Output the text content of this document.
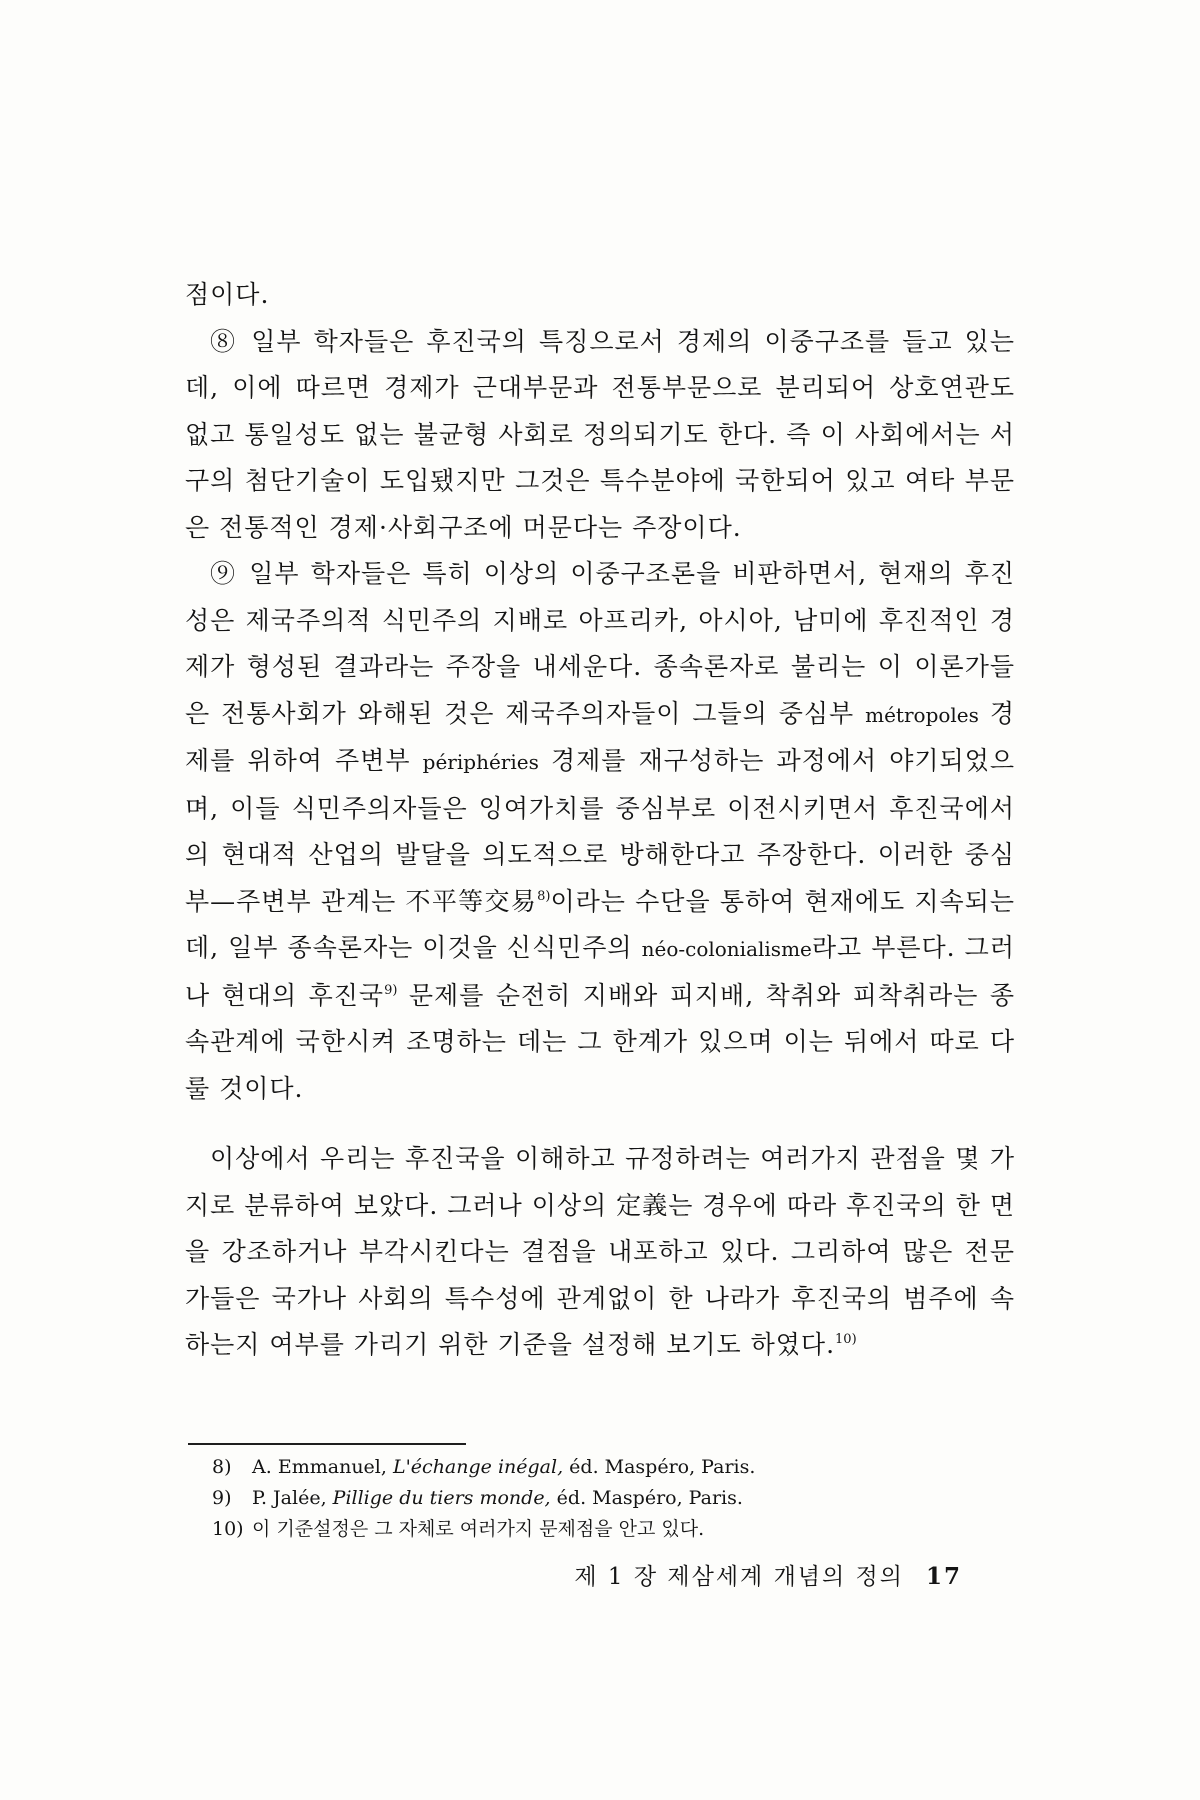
점이다.

⑧ 일부 학자들은 후진국의 특징으로서 경제의 이중구조를 들고 있는데, 이에 따르면 경제가 근대부문과 전통부문으로 분리되어 상호연관도 없고 통일성도 없는 불균형 사회로 정의되기도 한다. 즉 이 사회에서는 서구의 첨단기술이 도입됐지만 그것은 특수분야에 국한되어 있고 여타 부문은 전통적인 경제·사회구조에 머문다는 주장이다.

⑨ 일부 학자들은 특히 이상의 이중구조론을 비판하면서, 현재의 후진성은 제국주의적 식민주의 지배로 아프리카, 아시아, 남미에 후진적인 경제가 형성된 결과라는 주장을 내세운다. 종속론자로 불리는 이 이론가들은 전통사회가 와해된 것은 제국주의자들이 그들의 중심부 métropoles 경제를 위하여 주변부 périphéries 경제를 재구성하는 과정에서 야기되었으며, 이들 식민주의자들은 잉여가치를 중심부로 이전시키면서 후진국에서의 현대적 산업의 발달을 의도적으로 방해한다고 주장한다. 이러한 중심부—주변부 관계는 不平等交易$^{8)}$이라는 수단을 통하여 현재에도 지속되는데, 일부 종속론자는 이것을 신식민주의 néo-colonialisme라고 부른다. 그러나 현대의 후진국$^{9)}$ 문제를 순전히 지배와 피지배, 착취와 피착취라는 종속관계에 국한시켜 조명하는 데는 그 한계가 있으며 이는 뒤에서 따로 다룰 것이다.

이상에서 우리는 후진국을 이해하고 규정하려는 여러가지 관점을 몇 가지로 분류하여 보았다. 그러나 이상의 定義는 경우에 따라 후진국의 한 면을 강조하거나 부각시킨다는 결점을 내포하고 있다. 그리하여 많은 전문가들은 국가나 사회의 특수성에 관계없이 한 나라가 후진국의 범주에 속하는지 여부를 가리기 위한 기준을 설정해 보기도 하였다.$^{10)}$

8) A. Emmanuel, L'échange inégal, éd. Maspéro, Paris.
9) P. Jalée, Pillige du tiers monde, éd. Maspéro, Paris.
10) 이 기준설정은 그 자체로 여러가지 문제점을 안고 있다.
제 1 장 제삼세계 개념의 정의 17
